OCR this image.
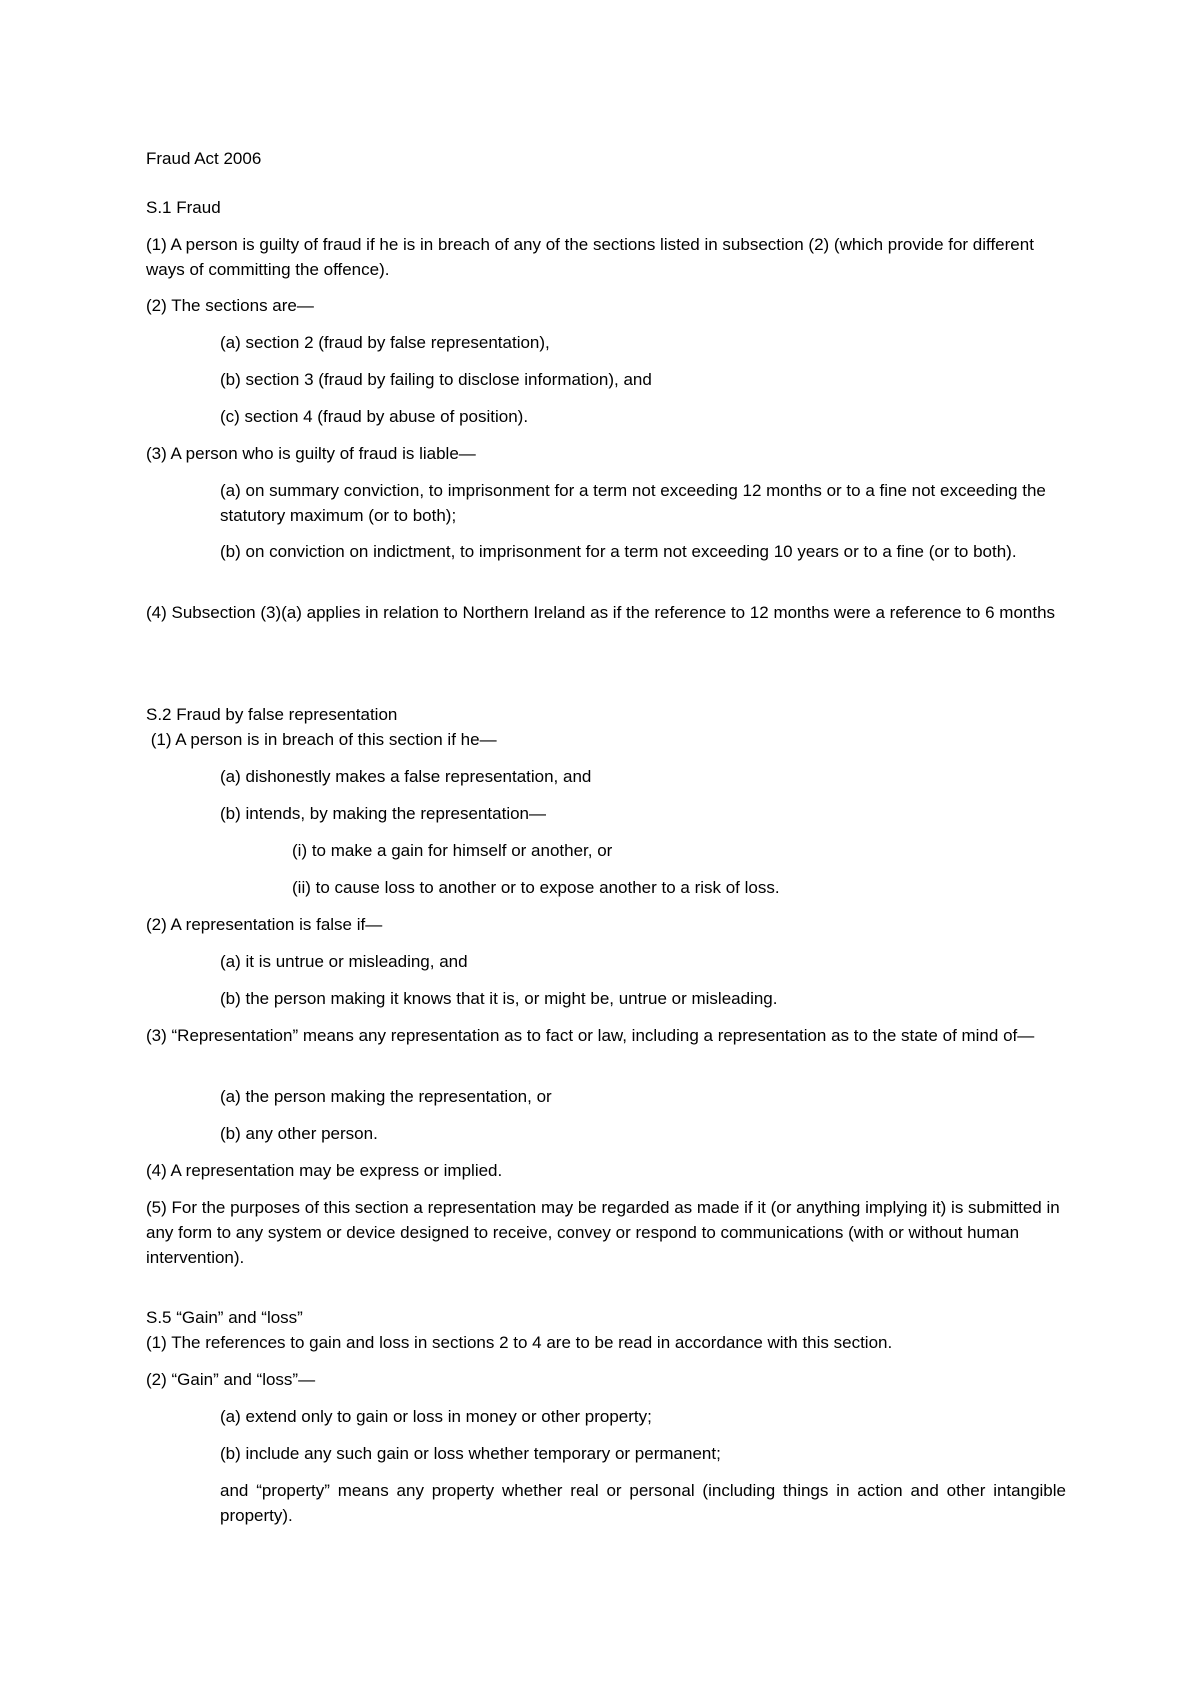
Fraud Act 2006

S.1 Fraud

(1) A person is guilty of fraud if he is in breach of any of the sections listed in subsection (2) (which provide for different ways of committing the offence).

(2) The sections are—

(a) section 2 (fraud by false representation),

(b) section 3 (fraud by failing to disclose information), and

(c) section 4 (fraud by abuse of position).

(3) A person who is guilty of fraud is liable—

(a) on summary conviction, to imprisonment for a term not exceeding 12 months or to a fine not exceeding the statutory maximum (or to both);

(b) on conviction on indictment, to imprisonment for a term not exceeding 10 years or to a fine (or to both).

(4) Subsection (3)(a) applies in relation to Northern Ireland as if the reference to 12 months were a reference to 6 months

S.2 Fraud by false representation

(1) A person is in breach of this section if he—

(a) dishonestly makes a false representation, and

(b) intends, by making the representation—

(i) to make a gain for himself or another, or

(ii) to cause loss to another or to expose another to a risk of loss.

(2) A representation is false if—

(a) it is untrue or misleading, and

(b) the person making it knows that it is, or might be, untrue or misleading.

(3) “Representation” means any representation as to fact or law, including a representation as to the state of mind of—

(a) the person making the representation, or

(b) any other person.

(4) A representation may be express or implied.

(5) For the purposes of this section a representation may be regarded as made if it (or anything implying it) is submitted in any form to any system or device designed to receive, convey or respond to communications (with or without human intervention).

S.5 “Gain” and “loss”

(1) The references to gain and loss in sections 2 to 4 are to be read in accordance with this section.

(2) “Gain” and “loss”—

(a) extend only to gain or loss in money or other property;

(b) include any such gain or loss whether temporary or permanent;

and “property” means any property whether real or personal (including things in action and other intangible property).
